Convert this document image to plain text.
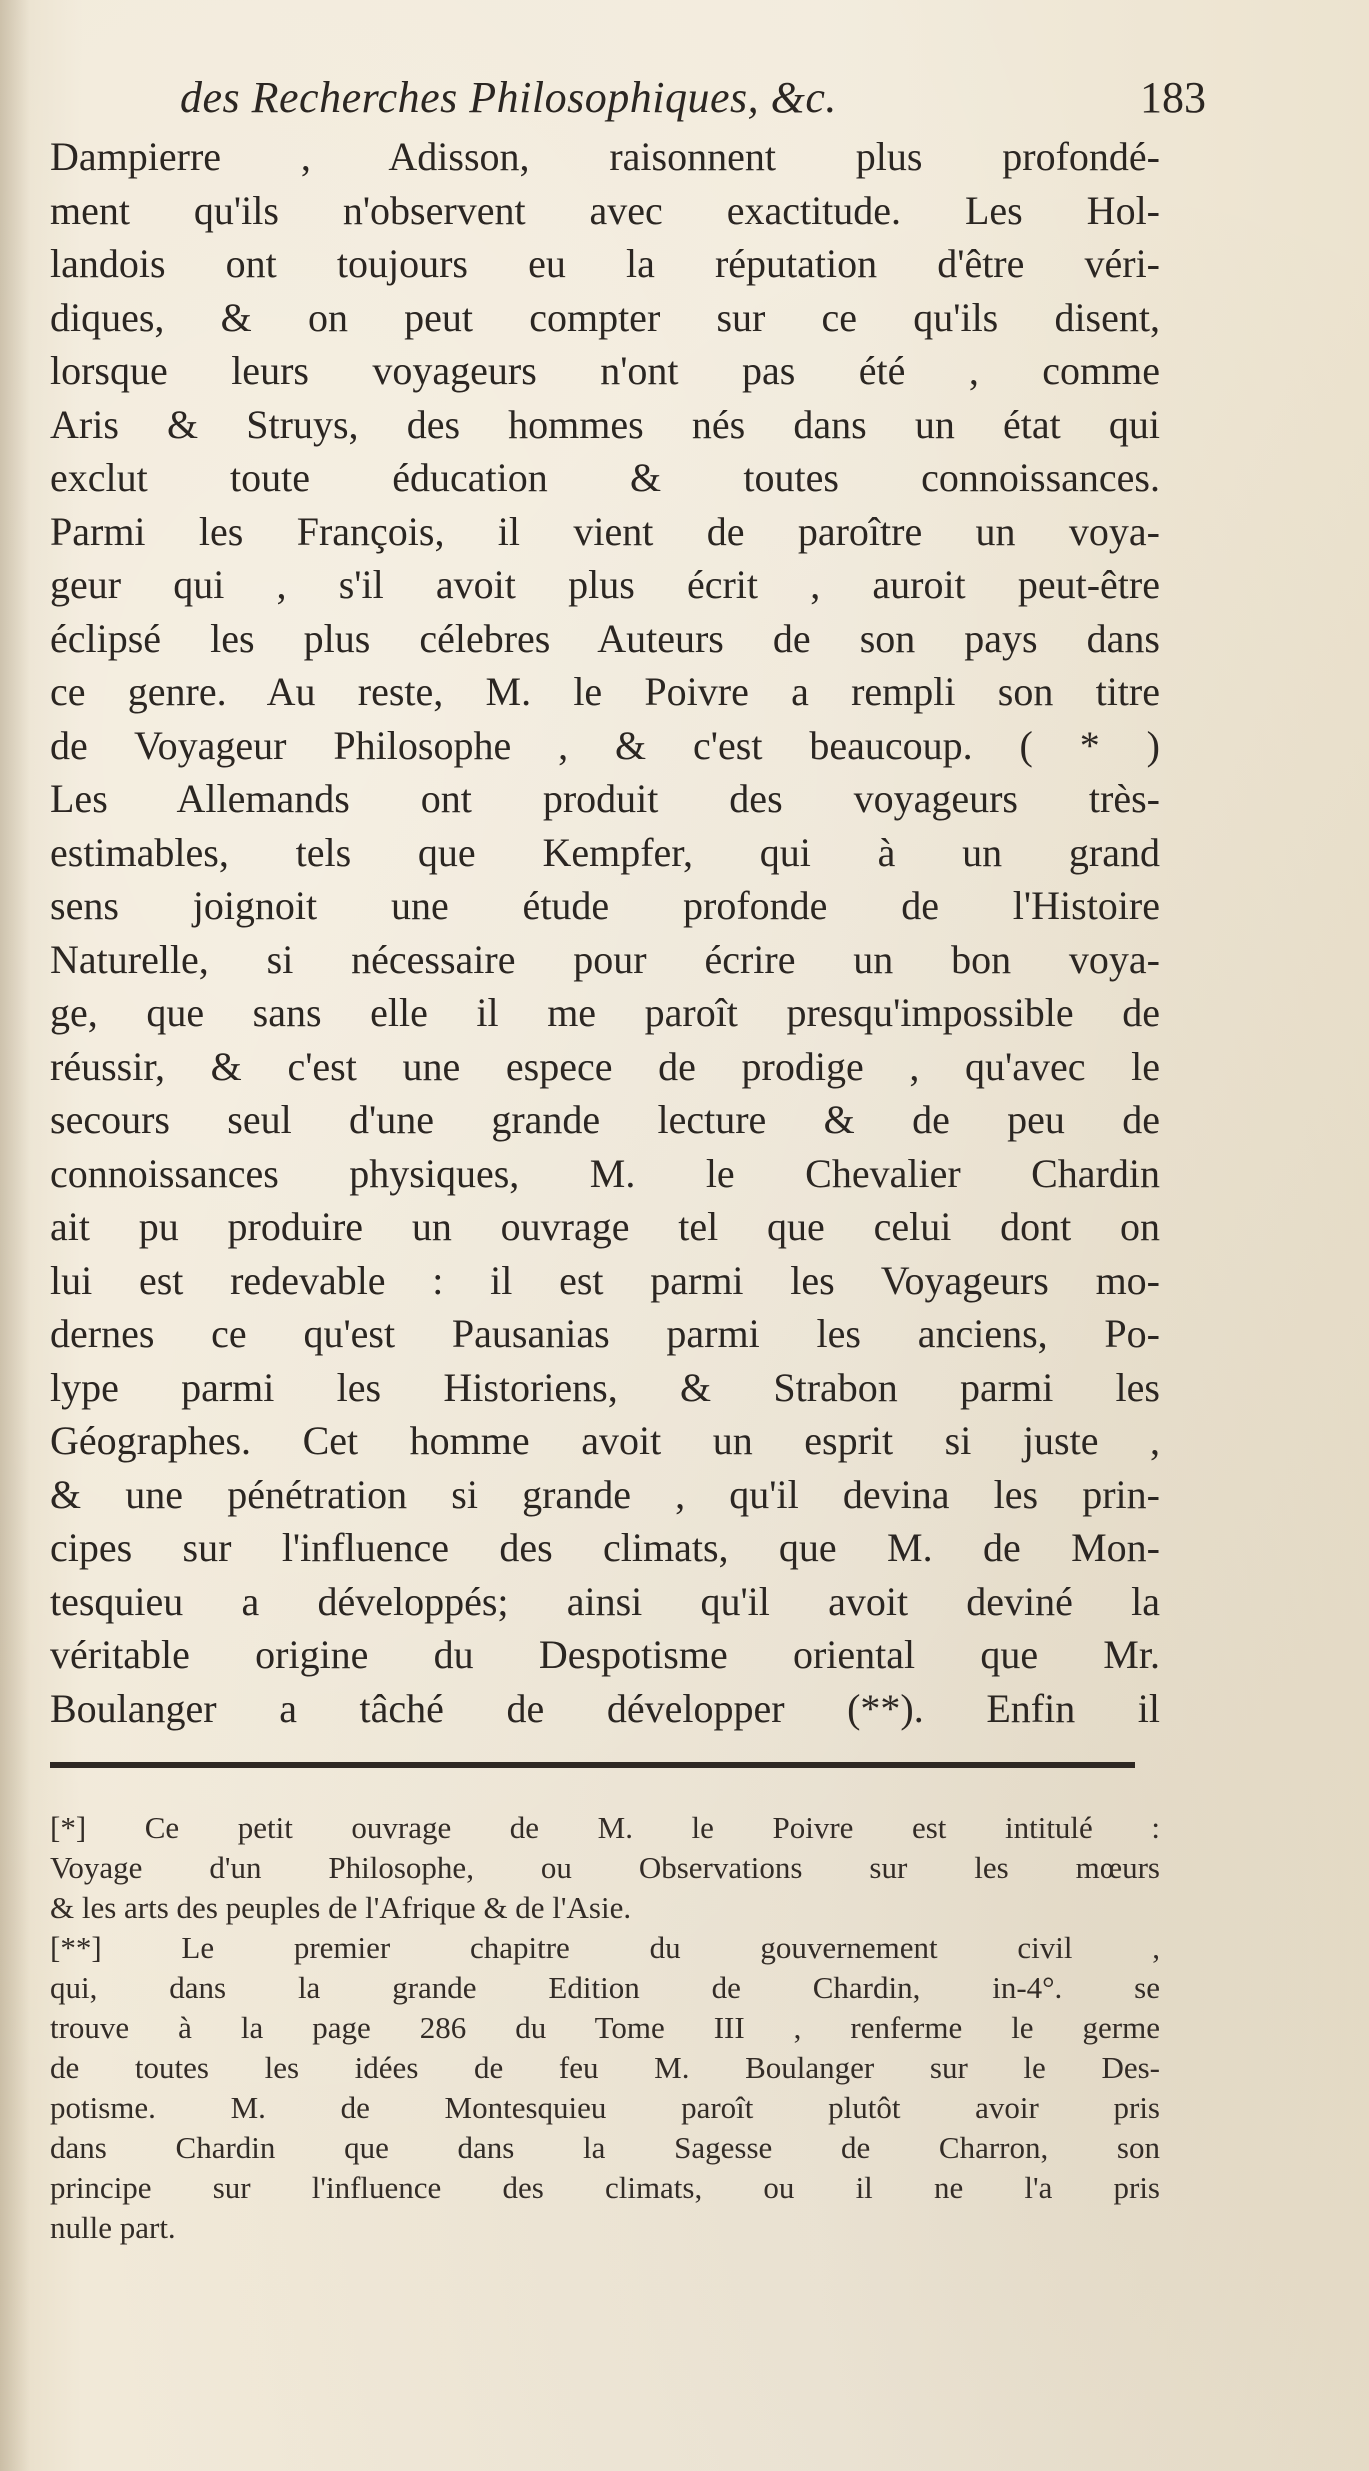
des Recherches Philosophiques, &c.	183
Dampierre , Adisson, raisonnent plus profondé-
ment qu'ils n'observent avec exactitude. Les Hol-
landois ont toujours eu la réputation d'être véri-
diques, & on peut compter sur ce qu'ils disent,
lorsque leurs voyageurs n'ont pas été , comme
Aris & Struys, des hommes nés dans un état qui
exclut toute éducation & toutes connoissances.
Parmi les François, il vient de paroître un voya-
geur qui , s'il avoit plus écrit , auroit peut-être
éclipsé les plus célebres Auteurs de son pays dans
ce genre. Au reste, M. le Poivre a rempli son titre
de Voyageur Philosophe , & c'est beaucoup. ( * )
Les Allemands ont produit des voyageurs très-
estimables, tels que Kempfer, qui à un grand
sens joignoit une étude profonde de l'Histoire
Naturelle, si nécessaire pour écrire un bon voya-
ge, que sans elle il me paroît presqu'impossible de
réussir, & c'est une espece de prodige , qu'avec le
secours seul d'une grande lecture & de peu de
connoissances physiques, M. le Chevalier Chardin
ait pu produire un ouvrage tel que celui dont on
lui est redevable : il est parmi les Voyageurs mo-
dernes ce qu'est Pausanias parmi les anciens, Po-
lype parmi les Historiens, & Strabon parmi les
Géographes. Cet homme avoit un esprit si juste ,
& une pénétration si grande , qu'il devina les prin-
cipes sur l'influence des climats, que M. de Mon-
tesquieu a développés; ainsi qu'il avoit deviné la
véritable origine du Despotisme oriental que Mr.
Boulanger a tâché de développer (**). Enfin il
[*] Ce petit ouvrage de M. le Poivre est intitulé :
Voyage d'un Philosophe, ou Observations sur les mœurs
& les arts des peuples de l'Afrique & de l'Asie.
[**] Le premier chapitre du gouvernement civil ,
qui, dans la grande Edition de Chardin, in-4°. se
trouve à la page 286 du Tome III , renferme le germe
de toutes les idées de feu M. Boulanger sur le Des-
potisme. M. de Montesquieu paroît plutôt avoir pris
dans Chardin que dans la Sagesse de Charron, son
principe sur l'influence des climats, ou il ne l'a pris
nulle part.
